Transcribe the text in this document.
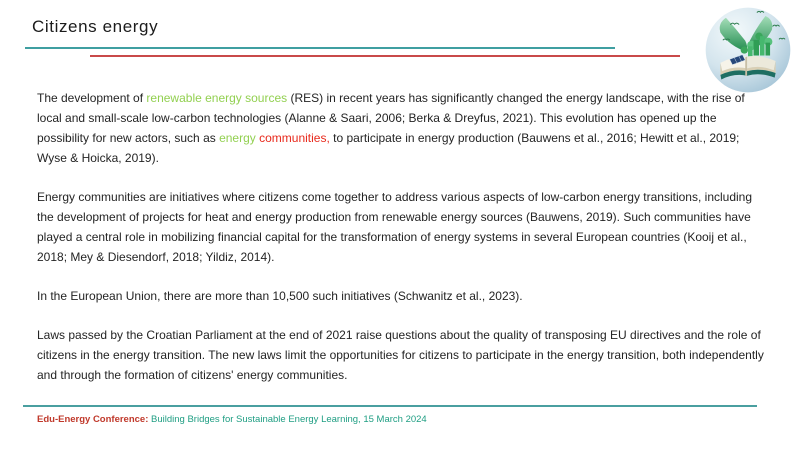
Citizens energy

The development of renewable energy sources (RES) in recent years has significantly changed the energy landscape, with the rise of local and small-scale low-carbon technologies (Alanne & Saari, 2006; Berka & Dreyfus, 2021). This evolution has opened up the possibility for new actors, such as energy communities, to participate in energy production (Bauwens et al., 2016; Hewitt et al., 2019; Wyse & Hoicka, 2019).

Energy communities are initiatives where citizens come together to address various aspects of low-carbon energy transitions, including the development of projects for heat and energy production from renewable energy sources (Bauwens, 2019). Such communities have played a central role in mobilizing financial capital for the transformation of energy systems in several European countries (Kooij et al., 2018; Mey & Diesendorf, 2018; Yildiz, 2014).

In the European Union, there are more than 10,500 such initiatives (Schwanitz et al., 2023).

Laws passed by the Croatian Parliament at the end of 2021 raise questions about the quality of transposing EU directives and the role of citizens in the energy transition. The new laws limit the opportunities for citizens to participate in the energy transition, both independently and through the formation of citizens' energy communities.

Edu-Energy Conference: Building Bridges for Sustainable Energy Learning, 15 March 2024
